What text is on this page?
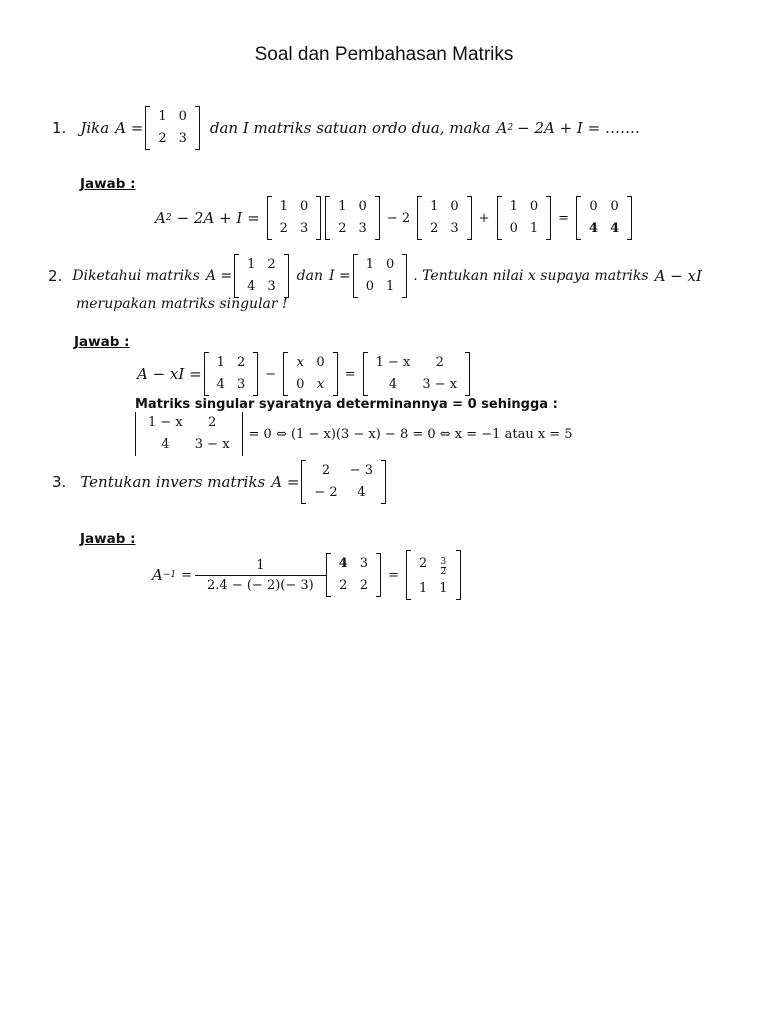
Soal dan Pembahasan Matriks
1. Jika A =
1	0
2	3
dan I matriks satuan ordo dua, maka A 2 − 2A + I = …….
Jawab :
A 2 − 2A + I =
1	0
2	3
1	0
2	3
− 2
1	0
2	3
+
1	0
0	1
=
0	0
4	4
2. Diketahui matriks A =
1	2
4	3
dan I =
1	0
0	1
. Tentukan nilai x supaya matriks A − xI
merupakan matriks singular !
Jawab :
A − xI =
1	2
4	3
−
x	0
0	x
=
1 − x	2
4	3 − x
Matriks singular syaratnya determinannya = 0 sehingga :
1 − x	2
4	3 − x
= 0 ⇔ (1 − x)(3 − x) − 8 = 0 ⇔ x = −1 atau x = 5
3. Tentukan invers matriks A =
2	− 3
− 2	4
Jawab :
$A -1 = \frac{1}{2.4 - (- 2)(- 3)} 4$	3
2	2
=
2	$\frac{3}{2}$

1	1
